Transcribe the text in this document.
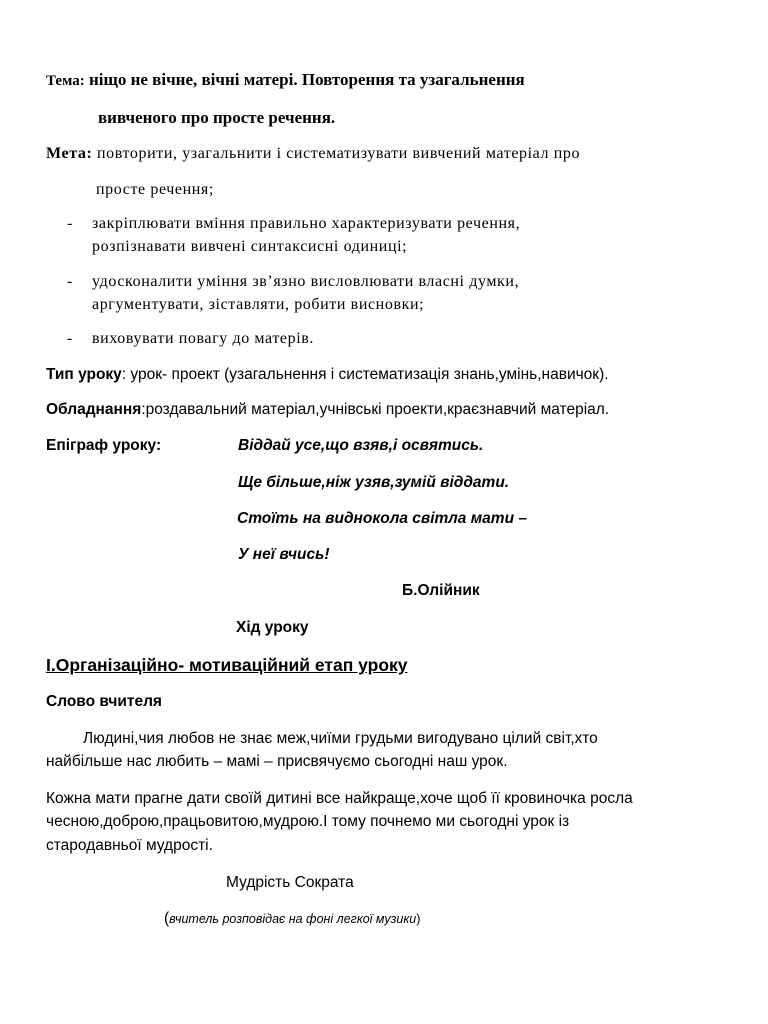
Тема: ніщо не вічне, вічні матері. Повторення та узагальнення
вивченого про просте речення.
Мета: повторити, узагальнити і систематизувати вивчений матеріал про
просте речення;
- закріплювати вміння правильно характеризувати речення,
розпізнавати вивчені синтаксисні одиниці;
- удосконалити уміння зв’язно висловлювати власні думки,
аргументувати, зіставляти, робити висновки;
- виховувати повагу до матерів.
Тип уроку: урок- проект (узагальнення і систематизація знань,умінь,навичок).
Обладнання:роздавальний матеріал,учнівські проекти,краєзнавчий матеріал.
Епіграф уроку:	Віддай усе,що взяв,і освятись.
Ще більше,ніж узяв,зумій віддати.
Стоїть на виднокола світла мати –
У неї вчись!
Б.Олійник
Хід уроку
І.Організаційно- мотиваційний етап уроку
Слово вчителя
Людині,чия любов не знає меж,чиїми грудьми вигодувано цілий світ,хто
найбільше нас любить – мамі – присвячуємо сьогодні наш урок.
Кожна мати прагне дати своїй дитині все найкраще,хоче щоб її кровиночка росла
чесною,доброю,працьовитою,мудрою.І тому почнемо ми сьогодні урок із
стародавньої мудрості.
Мудрість Сократа
(вчитель розповідає на фоні легкої музики)
